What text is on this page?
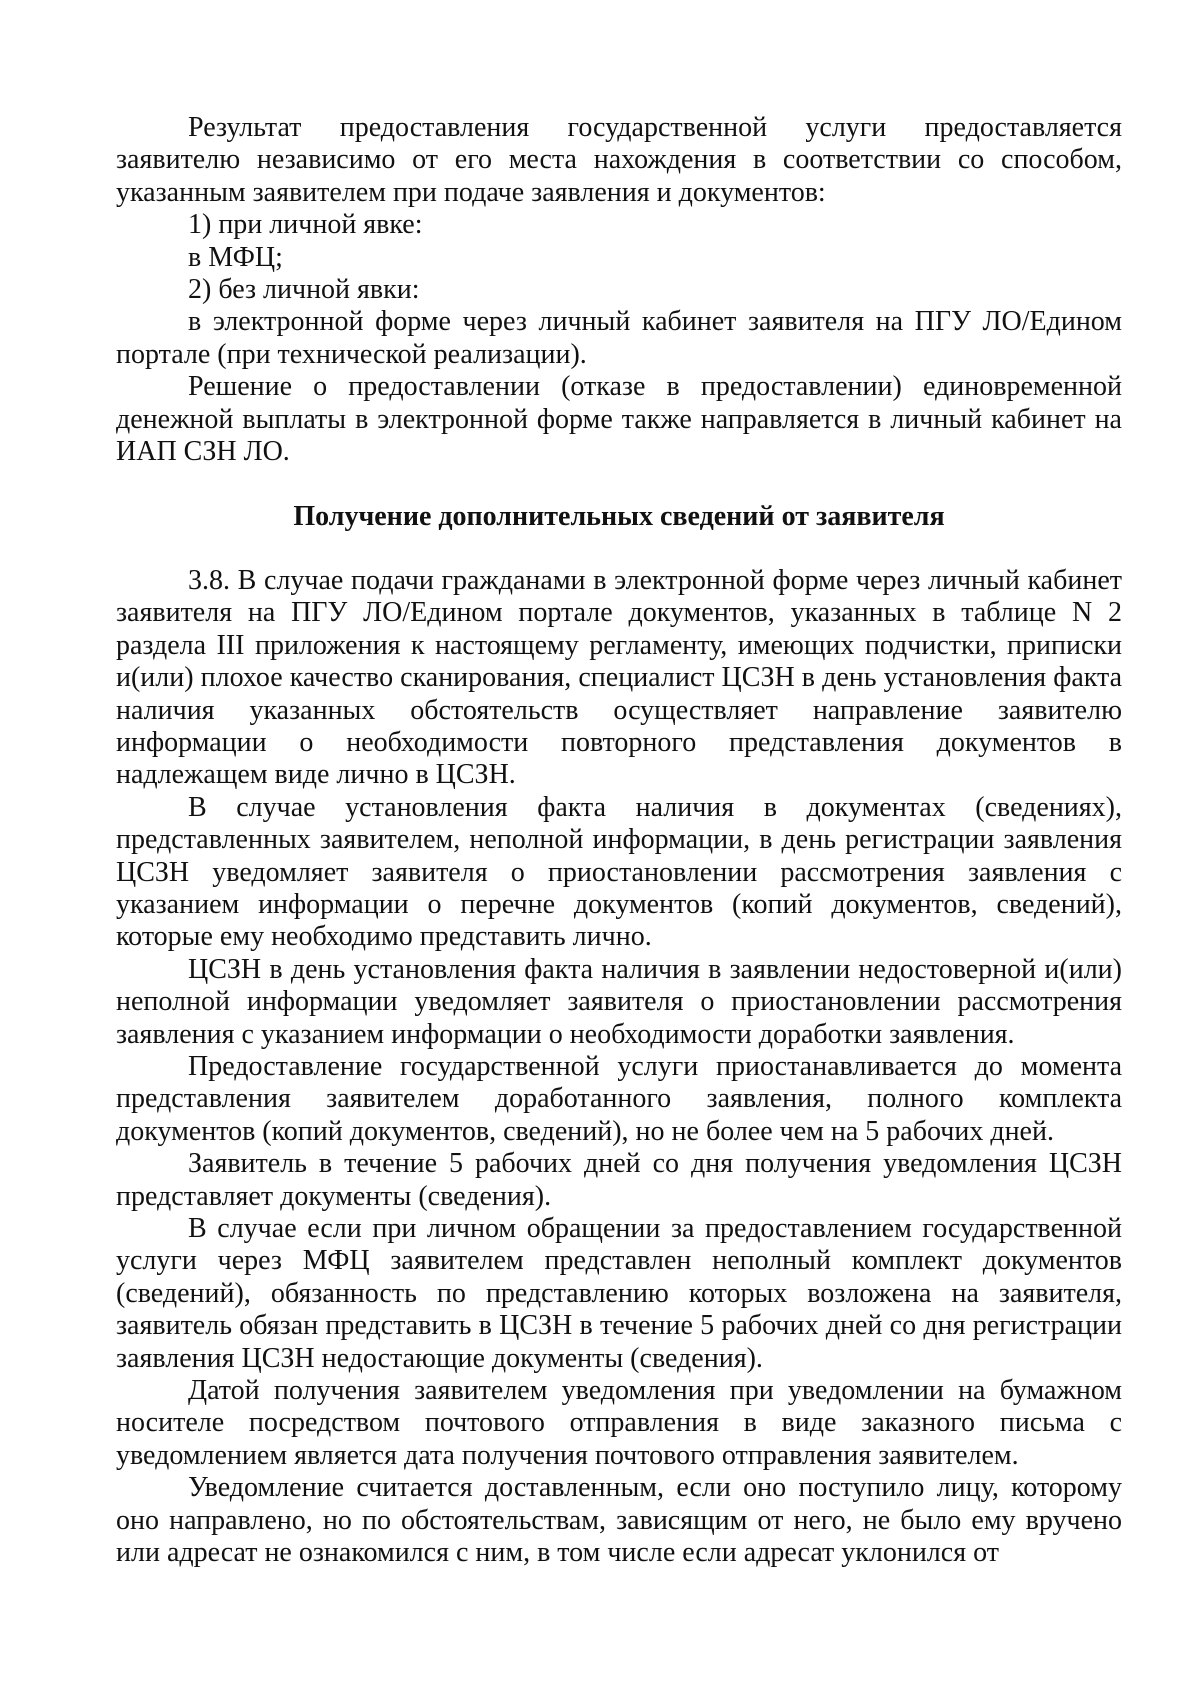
Результат предоставления государственной услуги предоставляется заявителю независимо от его места нахождения в соответствии со способом, указанным заявителем при подаче заявления и документов:

1) при личной явке:

в МФЦ;

2) без личной явки:

в электронной форме через личный кабинет заявителя на ПГУ ЛО/Едином портале (при технической реализации).

Решение о предоставлении (отказе в предоставлении) единовременной денежной выплаты в электронной форме также направляется в личный кабинет на ИАП СЗН ЛО.

Получение дополнительных сведений от заявителя

3.8. В случае подачи гражданами в электронной форме через личный кабинет заявителя на ПГУ ЛО/Едином портале документов, указанных в таблице N 2 раздела III приложения к настоящему регламенту, имеющих подчистки, приписки и(или) плохое качество сканирования, специалист ЦСЗН в день установления факта наличия указанных обстоятельств осуществляет направление заявителю информации о необходимости повторного представления документов в надлежащем виде лично в ЦСЗН.

В случае установления факта наличия в документах (сведениях), представленных заявителем, неполной информации, в день регистрации заявления ЦСЗН уведомляет заявителя о приостановлении рассмотрения заявления с указанием информации о перечне документов (копий документов, сведений), которые ему необходимо представить лично.

ЦСЗН в день установления факта наличия в заявлении недостоверной и(или) неполной информации уведомляет заявителя о приостановлении рассмотрения заявления с указанием информации о необходимости доработки заявления.

Предоставление государственной услуги приостанавливается до момента представления заявителем доработанного заявления, полного комплекта документов (копий документов, сведений), но не более чем на 5 рабочих дней.

Заявитель в течение 5 рабочих дней со дня получения уведомления ЦСЗН представляет документы (сведения).

В случае если при личном обращении за предоставлением государственной услуги через МФЦ заявителем представлен неполный комплект документов (сведений), обязанность по представлению которых возложена на заявителя, заявитель обязан представить в ЦСЗН в течение 5 рабочих дней со дня регистрации заявления ЦСЗН недостающие документы (сведения).

Датой получения заявителем уведомления при уведомлении на бумажном носителе посредством почтового отправления в виде заказного письма с уведомлением является дата получения почтового отправления заявителем.

Уведомление считается доставленным, если оно поступило лицу, которому оно направлено, но по обстоятельствам, зависящим от него, не было ему вручено или адресат не ознакомился с ним, в том числе если адресат уклонился от
